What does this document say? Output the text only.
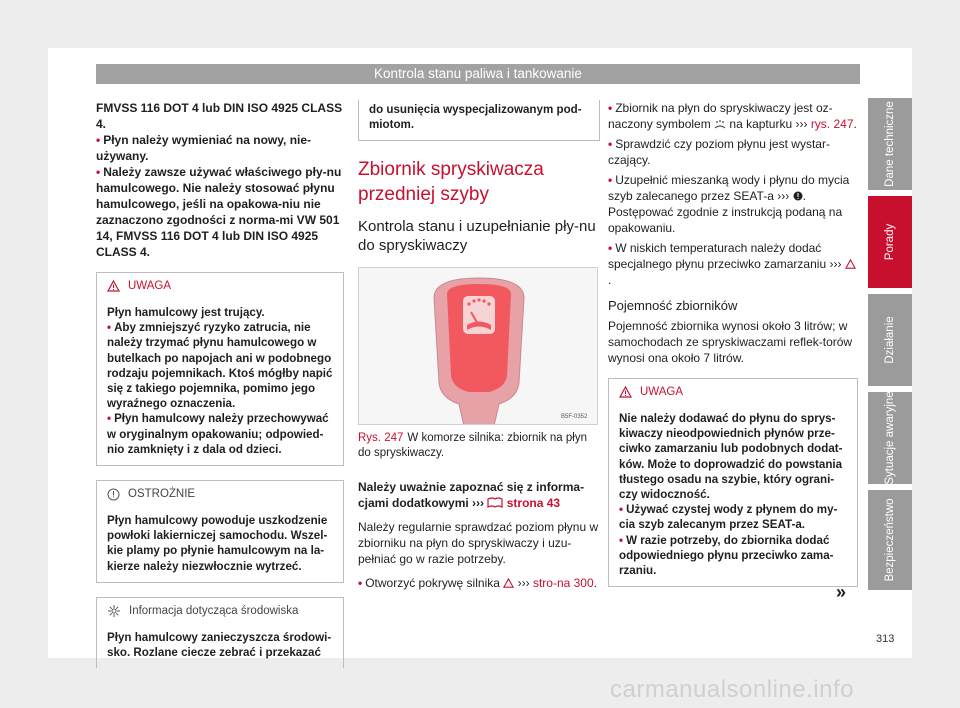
Kontrola stanu paliwa i tankowanie
FMVSS 116 DOT 4 lub DIN ISO 4925 CLASS 4.
• Płyn należy wymieniać na nowy, nie-używany.
• Należy zawsze używać właściwego pły-nu hamulcowego. Nie należy stosować płynu hamulcowego, jeśli na opakowa-niu nie zaznaczono zgodności z norma-mi VW 501 14, FMVSS 116 DOT 4 lub DIN ISO 4925 CLASS 4.
UWAGA
Płyn hamulcowy jest trujący.
• Aby zmniejszyć ryzyko zatrucia, nie należy trzymać płynu hamulcowego w butelkach po napojach ani w podobnego rodzaju pojemnikach. Ktoś mógłby napić się z takiego pojemnika, pomimo jego wyraźnego oznaczenia.
• Płyn hamulcowy należy przechowywać w oryginalnym opakowaniu; odpowied-nio zamknięty i z dala od dzieci.
OSTROŻNIE
Płyn hamulcowy powoduje uszkodzenie powłoki lakierniczej samochodu. Wszel-kie plamy po płynie hamulcowym na la-kierze należy niezwłocznie wytrzeć.
Informacja dotycząca środowiska
Płyn hamulcowy zanieczyszcza środowi-sko. Rozlane ciecze zebrać i przekazać
do usunięcia wyspecjalizowanym pod-miotom.
Zbiornik spryskiwacza przedniej szyby
Kontrola stanu i uzupełnianie pły-nu do spryskiwaczy
B5F-0352
Rys. 247 W komorze silnika: zbiornik na płyn do spryskiwaczy.
Należy uważnie zapoznać się z informa-cjami dodatkowymi ››› strona 43
Należy regularnie sprawdzać poziom płynu w zbiorniku na płyn do spryskiwaczy i uzu-pełniać go w razie potrzeby.
• Otworzyć pokrywę silnika ››› stro-na 300.
• Zbiornik na płyn do spryskiwaczy jest oz-naczony symbolem na kapturku ››› rys. 247.
• Sprawdzić czy poziom płynu jest wystar-czający.
• Uzupełnić mieszanką wody i płynu do mycia szyb zalecanego przez SEAT-a ››› . Postępować zgodnie z instrukcją podaną na opakowaniu.
• W niskich temperaturach należy dodać specjalnego płynu przeciwko zamarzaniu ››› .
Pojemność zbiorników
Pojemność zbiornika wynosi około 3 litrów; w samochodach ze spryskiwaczami reflek-torów wynosi ona około 7 litrów.
UWAGA
Nie należy dodawać do płynu do sprys-kiwaczy nieodpowiednich płynów prze-ciwko zamarzaniu lub podobnych dodat-ków. Może to doprowadzić do powstania tłustego osadu na szybie, który ograni-czy widoczność.
• Używać czystej wody z płynem do my-cia szyb zalecanym przez SEAT-a.
• W razie potrzeby, do zbiornika dodać odpowiedniego płynu przeciwko zama-rzaniu.
»
Dane techniczne
Porady
Działanie
Sytuacje awaryjne
Bezpieczeństwo
313
carmanualsonline.info
